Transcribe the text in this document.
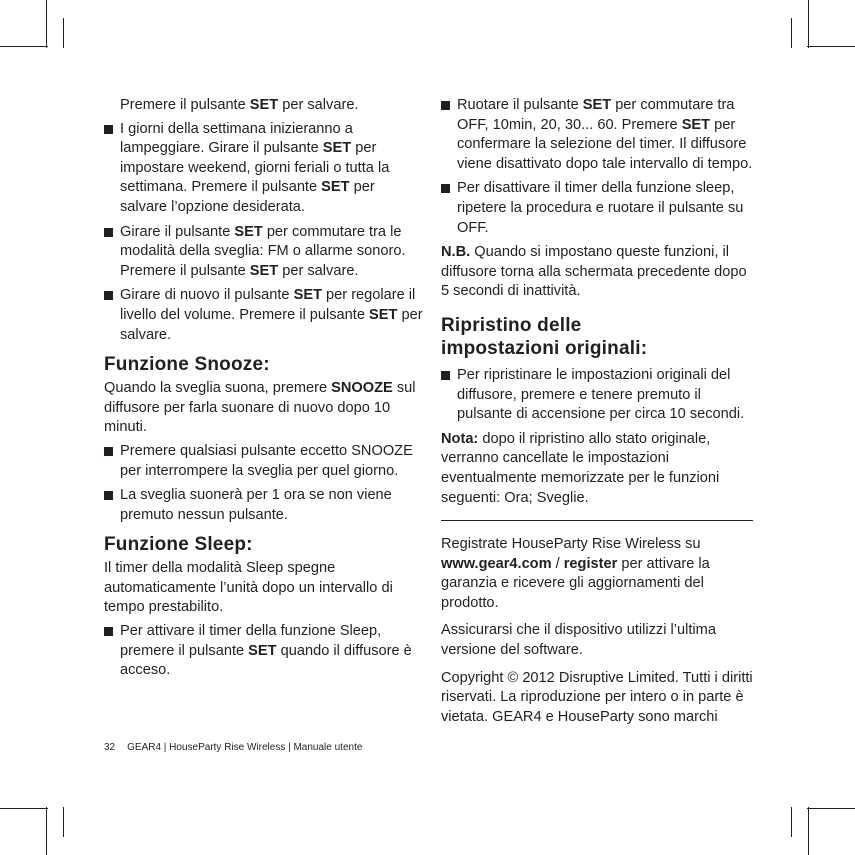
Premere il pulsante SET per salvare.

I giorni della settimana inizieranno a lampeggiare. Girare il pulsante SET per impostare weekend, giorni feriali o tutta la settimana. Premere il pulsante SET per salvare l’opzione desiderata.
Girare il pulsante SET per commutare tra le modalità della sveglia: FM o allarme sonoro. Premere il pulsante SET per salvare.
Girare di nuovo il pulsante SET per regolare il livello del volume. Premere il pulsante SET per salvare.
Funzione Snooze:

Quando la sveglia suona, premere SNOOZE sul diffusore per farla suonare di nuovo dopo 10 minuti.

Premere qualsiasi pulsante eccetto SNOOZE per interrompere la sveglia per quel giorno.
La sveglia suonerà per 1 ora se non viene premuto nessun pulsante.
Funzione Sleep:

Il timer della modalità Sleep spegne automaticamente l’unità dopo un intervallo di tempo prestabilito.

Per attivare il timer della funzione Sleep, premere il pulsante SET quando il diffusore è acceso.
Ruotare il pulsante SET per commutare tra OFF, 10min, 20, 30... 60. Premere SET per confermare la selezione del timer. Il diffusore viene disattivato dopo tale intervallo di tempo.
Per disattivare il timer della funzione sleep, ripetere la procedura e ruotare il pulsante su OFF.

N.B. Quando si impostano queste funzioni, il diffusore torna alla schermata precedente dopo 5 secondi di inattività.

Ripristino delle
impostazioni originali:
Per ripristinare le impostazioni originali del diffusore, premere e tenere premuto il pulsante di accensione per circa 10 secondi.

Nota: dopo il ripristino allo stato originale, verranno cancellate le impostazioni eventualmente memorizzate per le funzioni seguenti: Ora; Sveglie.

Registrate HouseParty Rise Wireless su www.gear4.com / register per attivare la garanzia e ricevere gli aggiornamenti del prodotto.

Assicurarsi che il dispositivo utilizzi l’ultima versione del software.

Copyright © 2012 Disruptive Limited. Tutti i diritti riservati. La riproduzione per intero o in parte è vietata. GEAR4 e HouseParty sono marchi

32 GEAR4 | HouseParty Rise Wireless | Manuale utente
